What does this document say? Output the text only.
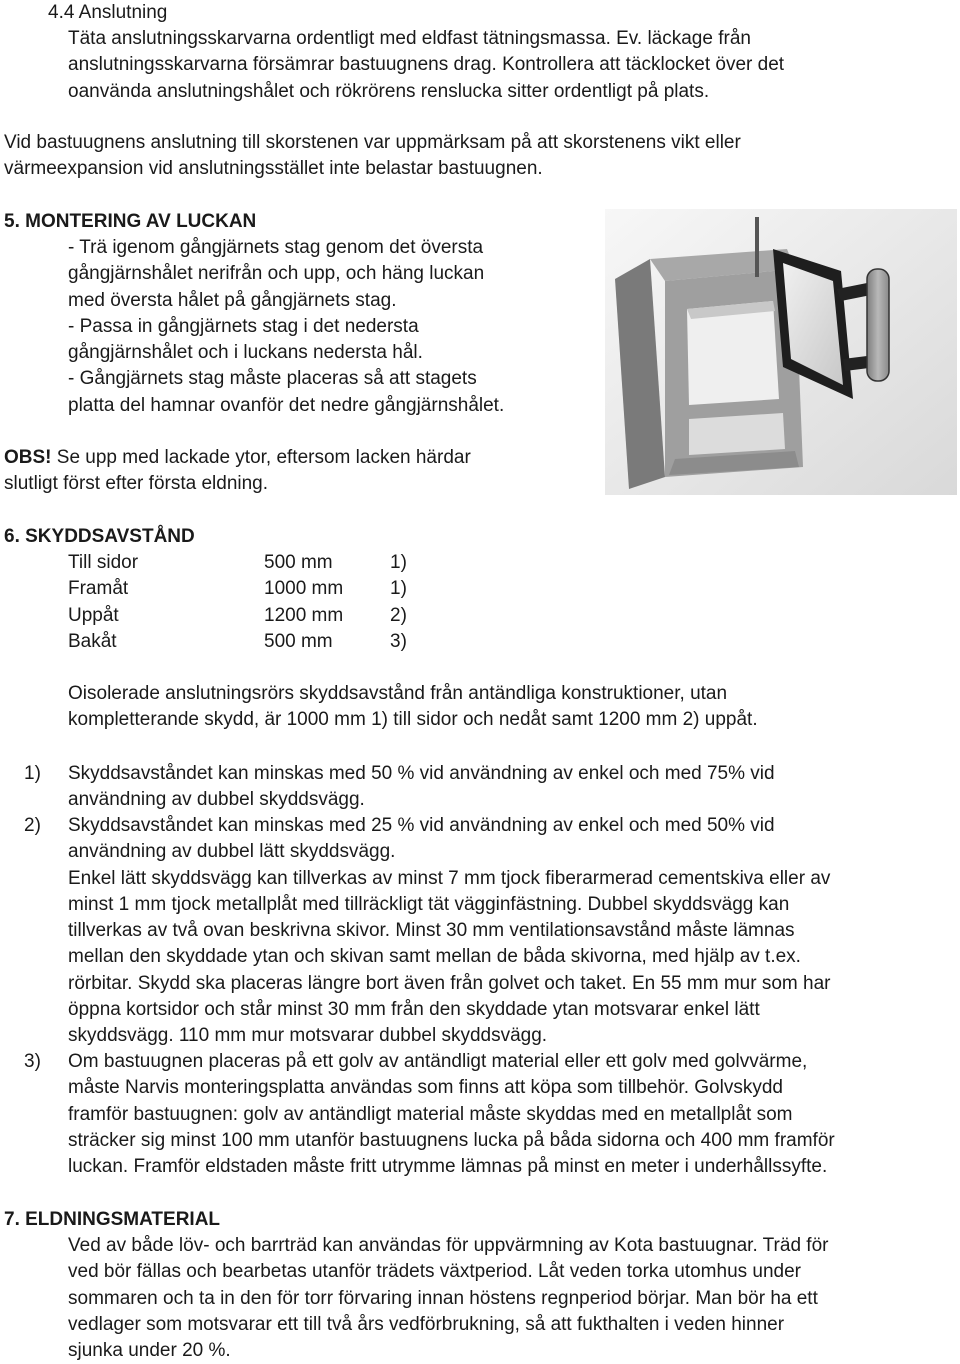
4.4 Anslutning

Täta anslutningsskarvarna ordentligt med eldfast tätningsmassa. Ev. läckage från

anslutningsskarvarna försämrar bastuugnens drag. Kontrollera att täcklocket över det

oanvända anslutningshålet och rökrörens renslucka sitter ordentligt på plats.

Vid bastuugnens anslutning till skorstenen var uppmärksam på att skorstenens vikt eller

värmeexpansion vid anslutningsstället inte belastar bastuugnen.

5. MONTERING AV LUCKAN

- Trä igenom gångjärnets stag genom det översta

gångjärnshålet nerifrån och upp, och häng luckan

med översta hålet på gångjärnets stag.

- Passa in gångjärnets stag i det nedersta

gångjärnshålet och i luckans nedersta hål.

- Gångjärnets stag måste placeras så att stagets

platta del hamnar ovanför det nedre gångjärnshålet.

OBS! Se upp med lackade ytor, eftersom lacken härdar

slutligt först efter första eldning.

6. SKYDDSAVSTÅND

Till sidor	500 mm	1)
Framåt	1000 mm	1)
Uppåt	1200 mm	2)
Bakåt	500 mm	3)

Oisolerade anslutningsrörs skyddsavstånd från antändliga konstruktioner, utan

kompletterande skydd, är 1000 mm 1) till sidor och nedåt samt 1200 mm 2) uppåt.

1)	Skyddsavståndet kan minskas med 50 % vid användning av enkel och med 75% vid

användning av dubbel skyddsvägg.

2)	Skyddsavståndet kan minskas med 25 % vid användning av enkel och med 50% vid

användning av dubbel lätt skyddsvägg.

Enkel lätt skyddsvägg kan tillverkas av minst 7 mm tjock fiberarmerad cementskiva eller av

minst 1 mm tjock metallplåt med tillräckligt tät vägginfästning. Dubbel skyddsvägg kan

tillverkas av två ovan beskrivna skivor. Minst 30 mm ventilationsavstånd måste lämnas

mellan den skyddade ytan och skivan samt mellan de båda skivorna, med hjälp av t.ex.

rörbitar. Skydd ska placeras längre bort även från golvet och taket. En 55 mm mur som har

öppna kortsidor och står minst 30 mm från den skyddade ytan motsvarar enkel lätt

skyddsvägg. 110 mm mur motsvarar dubbel skyddsvägg.

3)	Om bastuugnen placeras på ett golv av antändligt material eller ett golv med golvvärme,

måste Narvis monteringsplatta användas som finns att köpa som tillbehör. Golvskydd

framför bastuugnen: golv av antändligt material måste skyddas med en metallplåt som

sträcker sig minst 100 mm utanför bastuugnens lucka på båda sidorna och 400 mm framför

luckan. Framför eldstaden måste fritt utrymme lämnas på minst en meter i underhållssyfte.

7. ELDNINGSMATERIAL

Ved av både löv- och barrträd kan användas för uppvärmning av Kota bastuugnar. Träd för

ved bör fällas och bearbetas utanför trädets växtperiod. Låt veden torka utomhus under

sommaren och ta in den för torr förvaring innan höstens regnperiod börjar. Man bör ha ett

vedlager som motsvarar ett till två års vedförbrukning, så att fukthalten i veden hinner

sjunka under 20 %.
